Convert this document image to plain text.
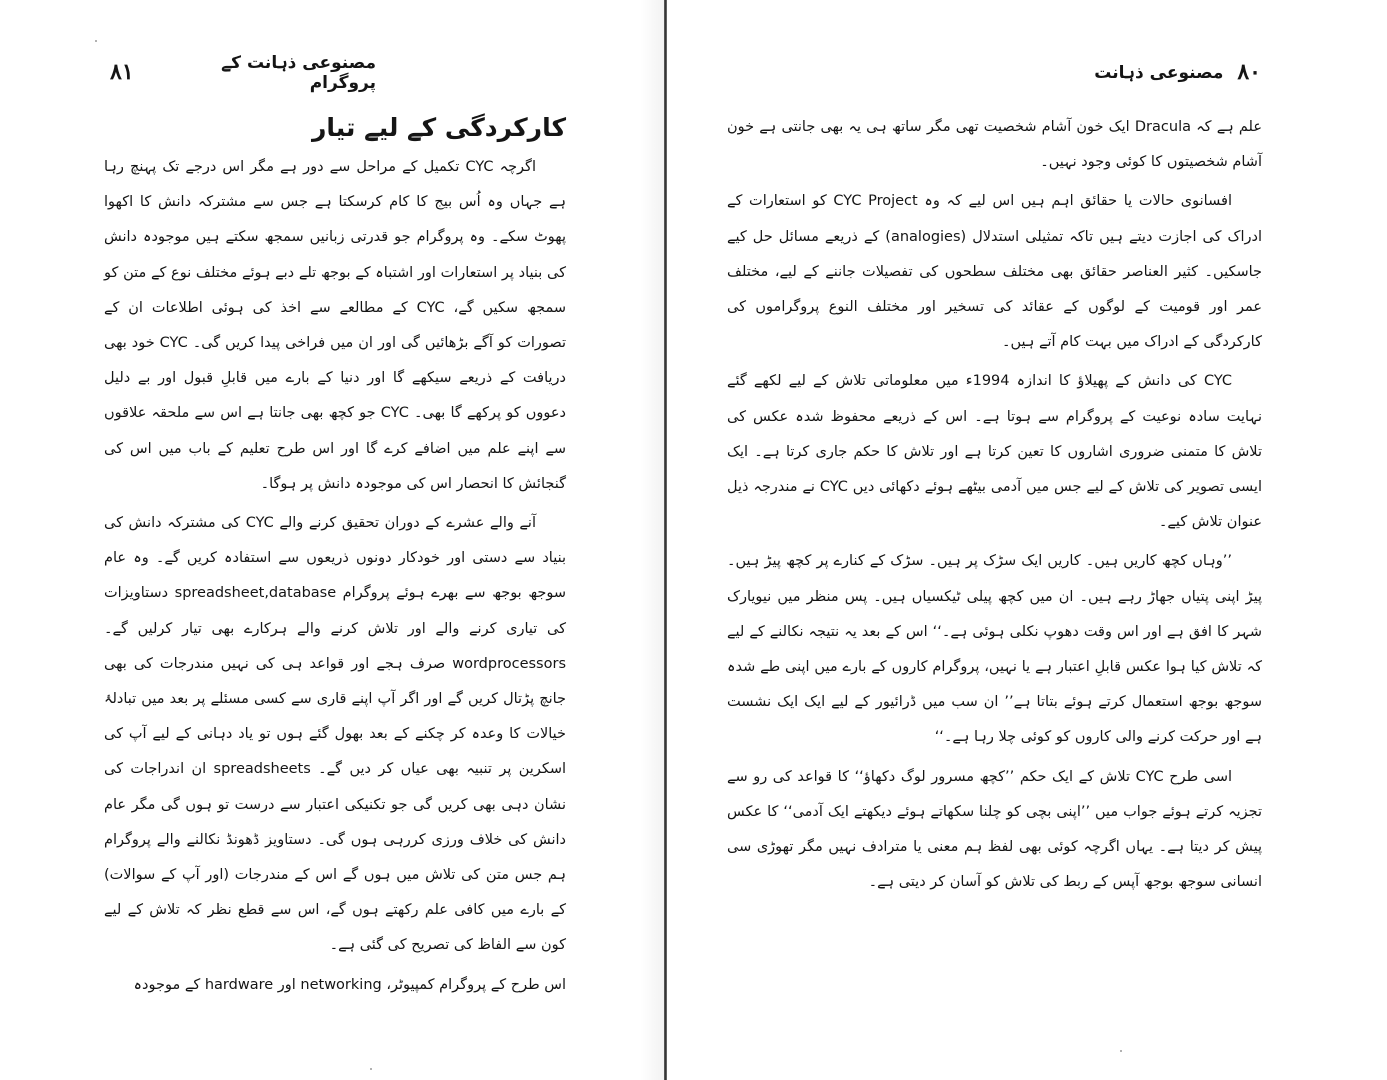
مصنوعی ذہانت کے پروگرام
۸۱
کارکردگی کے لیے تیار

اگرچہ CYC تکمیل کے مراحل سے دور ہے مگر اس درجے تک پہنچ رہا ہے جہاں وہ اُس بیج کا کام کرسکتا ہے جس سے مشترکہ دانش کا اکھوا پھوٹ سکے۔ وہ پروگرام جو قدرتی زبانیں سمجھ سکتے ہیں موجودہ دانش کی بنیاد پر استعارات اور اشتباہ کے بوجھ تلے دبے ہوئے مختلف نوع کے متن کو سمجھ سکیں گے، CYC کے مطالعے سے اخذ کی ہوئی اطلاعات ان کے تصورات کو آگے بڑھائیں گی اور ان میں فراخی پیدا کریں گی۔ CYC خود بھی دریافت کے ذریعے سیکھے گا اور دنیا کے بارے میں قابلِ قبول اور بے دلیل دعووں کو پرکھے گا بھی۔ CYC جو کچھ بھی جانتا ہے اس سے ملحقہ علاقوں سے اپنے علم میں اضافے کرے گا اور اس طرح تعلیم کے باب میں اس کی گنجائش کا انحصار اس کی موجودہ دانش پر ہوگا۔

آنے والے عشرے کے دوران تحقیق کرنے والے CYC کی مشترکہ دانش کی بنیاد سے دستی اور خودکار دونوں ذریعوں سے استفادہ کریں گے۔ وہ عام سوجھ بوجھ سے بھرے ہوئے پروگرام spreadsheet,database دستاویزات کی تیاری کرنے والے اور تلاش کرنے والے ہرکارے بھی تیار کرلیں گے۔ wordprocessors صرف ہجے اور قواعد ہی کی نہیں مندرجات کی بھی جانچ پڑتال کریں گے اور اگر آپ اپنے قاری سے کسی مسئلے پر بعد میں تبادلۂ خیالات کا وعدہ کر چکنے کے بعد بھول گئے ہوں تو یاد دہانی کے لیے آپ کی اسکرین پر تنبیہ بھی عیاں کر دیں گے۔ spreadsheets ان اندراجات کی نشان دہی بھی کریں گی جو تکنیکی اعتبار سے درست تو ہوں گی مگر عام دانش کی خلاف ورزی کررہی ہوں گی۔ دستاویز ڈھونڈ نکالنے والے پروگرام ہم جس متن کی تلاش میں ہوں گے اس کے مندرجات (اور آپ کے سوالات) کے بارے میں کافی علم رکھتے ہوں گے، اس سے قطع نظر کہ تلاش کے لیے کون سے الفاظ کی تصریح کی گئی ہے۔

اس طرح کے پروگرام کمپیوٹر، networking اور hardware کے موجودہ

۸۰
مصنوعی ذہانت

علم ہے کہ Dracula ایک خون آشام شخصیت تھی مگر ساتھ ہی یہ بھی جانتی ہے خون آشام شخصیتوں کا کوئی وجود نہیں۔

افسانوی حالات یا حقائق اہم ہیں اس لیے کہ وہ CYC Project کو استعارات کے ادراک کی اجازت دیتے ہیں تاکہ تمثیلی استدلال (analogies) کے ذریعے مسائل حل کیے جاسکیں۔ کثیر العناصر حقائق بھی مختلف سطحوں کی تفصیلات جاننے کے لیے، مختلف عمر اور قومیت کے لوگوں کے عقائد کی تسخیر اور مختلف النوع پروگراموں کی کارکردگی کے ادراک میں بہت کام آتے ہیں۔

CYC کی دانش کے پھیلاؤ کا اندازہ 1994ء میں معلوماتی تلاش کے لیے لکھے گئے نہایت سادہ نوعیت کے پروگرام سے ہوتا ہے۔ اس کے ذریعے محفوظ شدہ عکس کی تلاش کا متمنی ضروری اشاروں کا تعین کرتا ہے اور تلاش کا حکم جاری کرتا ہے۔ ایک ایسی تصویر کی تلاش کے لیے جس میں آدمی بیٹھے ہوئے دکھائی دیں CYC نے مندرجہ ذیل عنوان تلاش کیے۔

’’وہاں کچھ کاریں ہیں۔ کاریں ایک سڑک پر ہیں۔ سڑک کے کنارے پر کچھ پیڑ ہیں۔ پیڑ اپنی پتیاں جھاڑ رہے ہیں۔ ان میں کچھ پیلی ٹیکسیاں ہیں۔ پس منظر میں نیویارک شہر کا افق ہے اور اس وقت دھوپ نکلی ہوئی ہے۔‘‘ اس کے بعد یہ نتیجہ نکالنے کے لیے کہ تلاش کیا ہوا عکس قابلِ اعتبار ہے یا نہیں، پروگرام کاروں کے بارے میں اپنی طے شدہ سوجھ بوجھ استعمال کرتے ہوئے بتاتا ہے’’ ان سب میں ڈرائیور کے لیے ایک ایک نشست ہے اور حرکت کرنے والی کاروں کو کوئی چلا رہا ہے۔‘‘

اسی طرح CYC تلاش کے ایک حکم ’’کچھ مسرور لوگ دکھاؤ‘‘ کا قواعد کی رو سے تجزیہ کرتے ہوئے جواب میں ’’اپنی بچی کو چلنا سکھاتے ہوئے دیکھتے ایک آدمی‘‘ کا عکس پیش کر دیتا ہے۔ یہاں اگرچہ کوئی بھی لفظ ہم معنی یا مترادف نہیں مگر تھوڑی سی انسانی سوجھ بوجھ آپس کے ربط کی تلاش کو آسان کر دیتی ہے۔
